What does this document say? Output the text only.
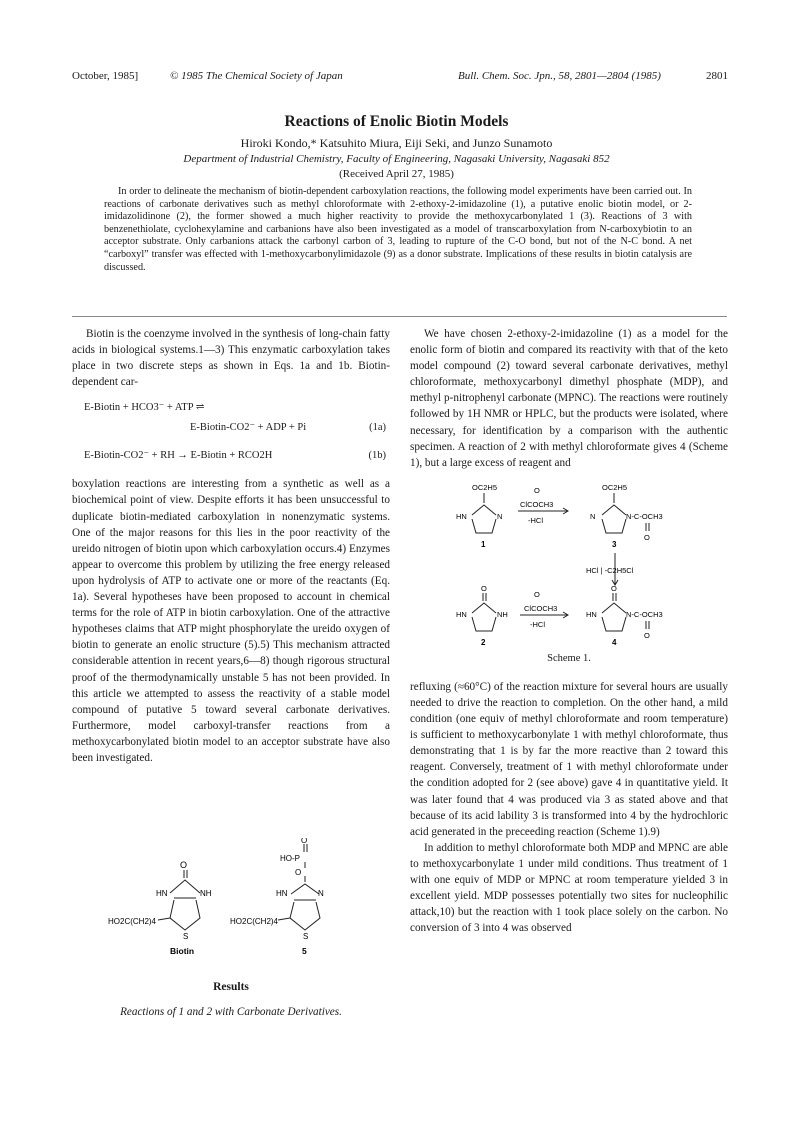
October, 1985]	© 1985 The Chemical Society of Japan	Bull. Chem. Soc. Jpn., 58, 2801—2804 (1985)	2801
Reactions of Enolic Biotin Models
Hiroki Kondo,* Katsuhito Miura, Eiji Seki, and Junzo Sunamoto
Department of Industrial Chemistry, Faculty of Engineering, Nagasaki University, Nagasaki 852
(Received April 27, 1985)
In order to delineate the mechanism of biotin-dependent carboxylation reactions, the following model experiments have been carried out. In reactions of carbonate derivatives such as methyl chloroformate with 2-ethoxy-2-imidazoline (1), a putative enolic biotin model, or 2-imidazolidinone (2), the former showed a much higher reactivity to provide the methoxycarbonylated 1 (3). Reactions of 3 with benzenethiolate, cyclohexylamine and carbanions have also been investigated as a model of transcarboxylation from N-carboxybiotin to an acceptor substrate. Only carbanions attack the carbonyl carbon of 3, leading to rupture of the C-O bond, but not of the N-C bond. A net “carboxyl” transfer was effected with 1-methoxycarbonylimidazole (9) as a donor substrate. Implications of these results in biotin catalysis are discussed.

Biotin is the coenzyme involved in the synthesis of long-chain fatty acids in biological systems.1—3) This enzymatic carboxylation takes place in two discrete steps as shown in Eqs. 1a and 1b. Biotin-dependent car-

E-Biotin + HCO3⁻ + ATP ⇌
E-Biotin-CO2⁻ + ADP + Pi	(1a)
E-Biotin-CO2⁻ + RH → E-Biotin + RCO2H	(1b)

boxylation reactions are interesting from a synthetic as well as a biochemical point of view. Despite efforts it has been unsuccessful to duplicate biotin-mediated carboxylation in nonenzymatic systems. One of the major reasons for this lies in the poor reactivity of the ureido nitrogen of biotin upon which carboxylation occurs.4) Enzymes appear to overcome this problem by utilizing the free energy released upon hydrolysis of ATP to activate one or more of the reactants (Eq. 1a). Several hypotheses have been proposed to account in chemical terms for the role of ATP in biotin carboxylation. One of the attractive hypotheses claims that ATP might phosphorylate the ureido oxygen of biotin to generate an enolic structure (5).5) This mechanism attracted considerable attention in recent years,6—8) though rigorous structural proof of the thermodynamically unstable 5 has not been provided. In this article we attempted to assess the reactivity of a stable model compound of putative 5 toward several carbonate derivatives. Furthermore, model carboxyl-transfer reactions from a methoxycarbonylated biotin model to an acceptor substrate have also been investigated.

O
HN	NH
S
HO2C(CH2)4
Biotin
O
HO-P
O
HN	N
S
HO2C(CH2)4
5
Results
Reactions of 1 and 2 with Carbonate Derivatives.

We have chosen 2-ethoxy-2-imidazoline (1) as a model for the enolic form of biotin and compared its reactivity with that of the keto model compound (2) toward several carbonate derivatives, methyl chloroformate, methoxycarbonyl dimethyl phosphate (MDP), and methyl p-nitrophenyl carbonate (MPNC). The reactions were routinely followed by 1H NMR or HPLC, but the products were isolated, where necessary, for identification by a comparison with the authentic specimen. A reaction of 2 with methyl chloroformate gives 4 (Scheme 1), but a large excess of reagent and

OC2H5
HN	N
1
O
ClCOCH3
-HCl
OC2H5
N	N-C-OCH3
O
3
HCl | -C2H5Cl
O
HN	NH
2
O
ClCOCH3
-HCl
O
HN	N-C-OCH3
O
4
Scheme 1.

refluxing (≈60°C) of the reaction mixture for several hours are usually needed to drive the reaction to completion. On the other hand, a mild condition (one equiv of methyl chloroformate and room temperature) is sufficient to methoxycarbonylate 1 with methyl chloroformate, thus demonstrating that 1 is by far the more reactive than 2 toward this reagent. Conversely, treatment of 1 with methyl chloroformate under the condition adopted for 2 (see above) gave 4 in quantitative yield. It was later found that 4 was produced via 3 as stated above and that because of its acid lability 3 is transformed into 4 by the hydrochloric acid generated in the preceeding reaction (Scheme 1).9)

In addition to methyl chloroformate both MDP and MPNC are able to methoxycarbonylate 1 under mild conditions. Thus treatment of 1 with one equiv of MDP or MPNC at room temperature yielded 3 in excellent yield. MDP possesses potentially two sites for nucleophilic attack,10) but the reaction with 1 took place solely on the carbon. No conversion of 3 into 4 was observed
